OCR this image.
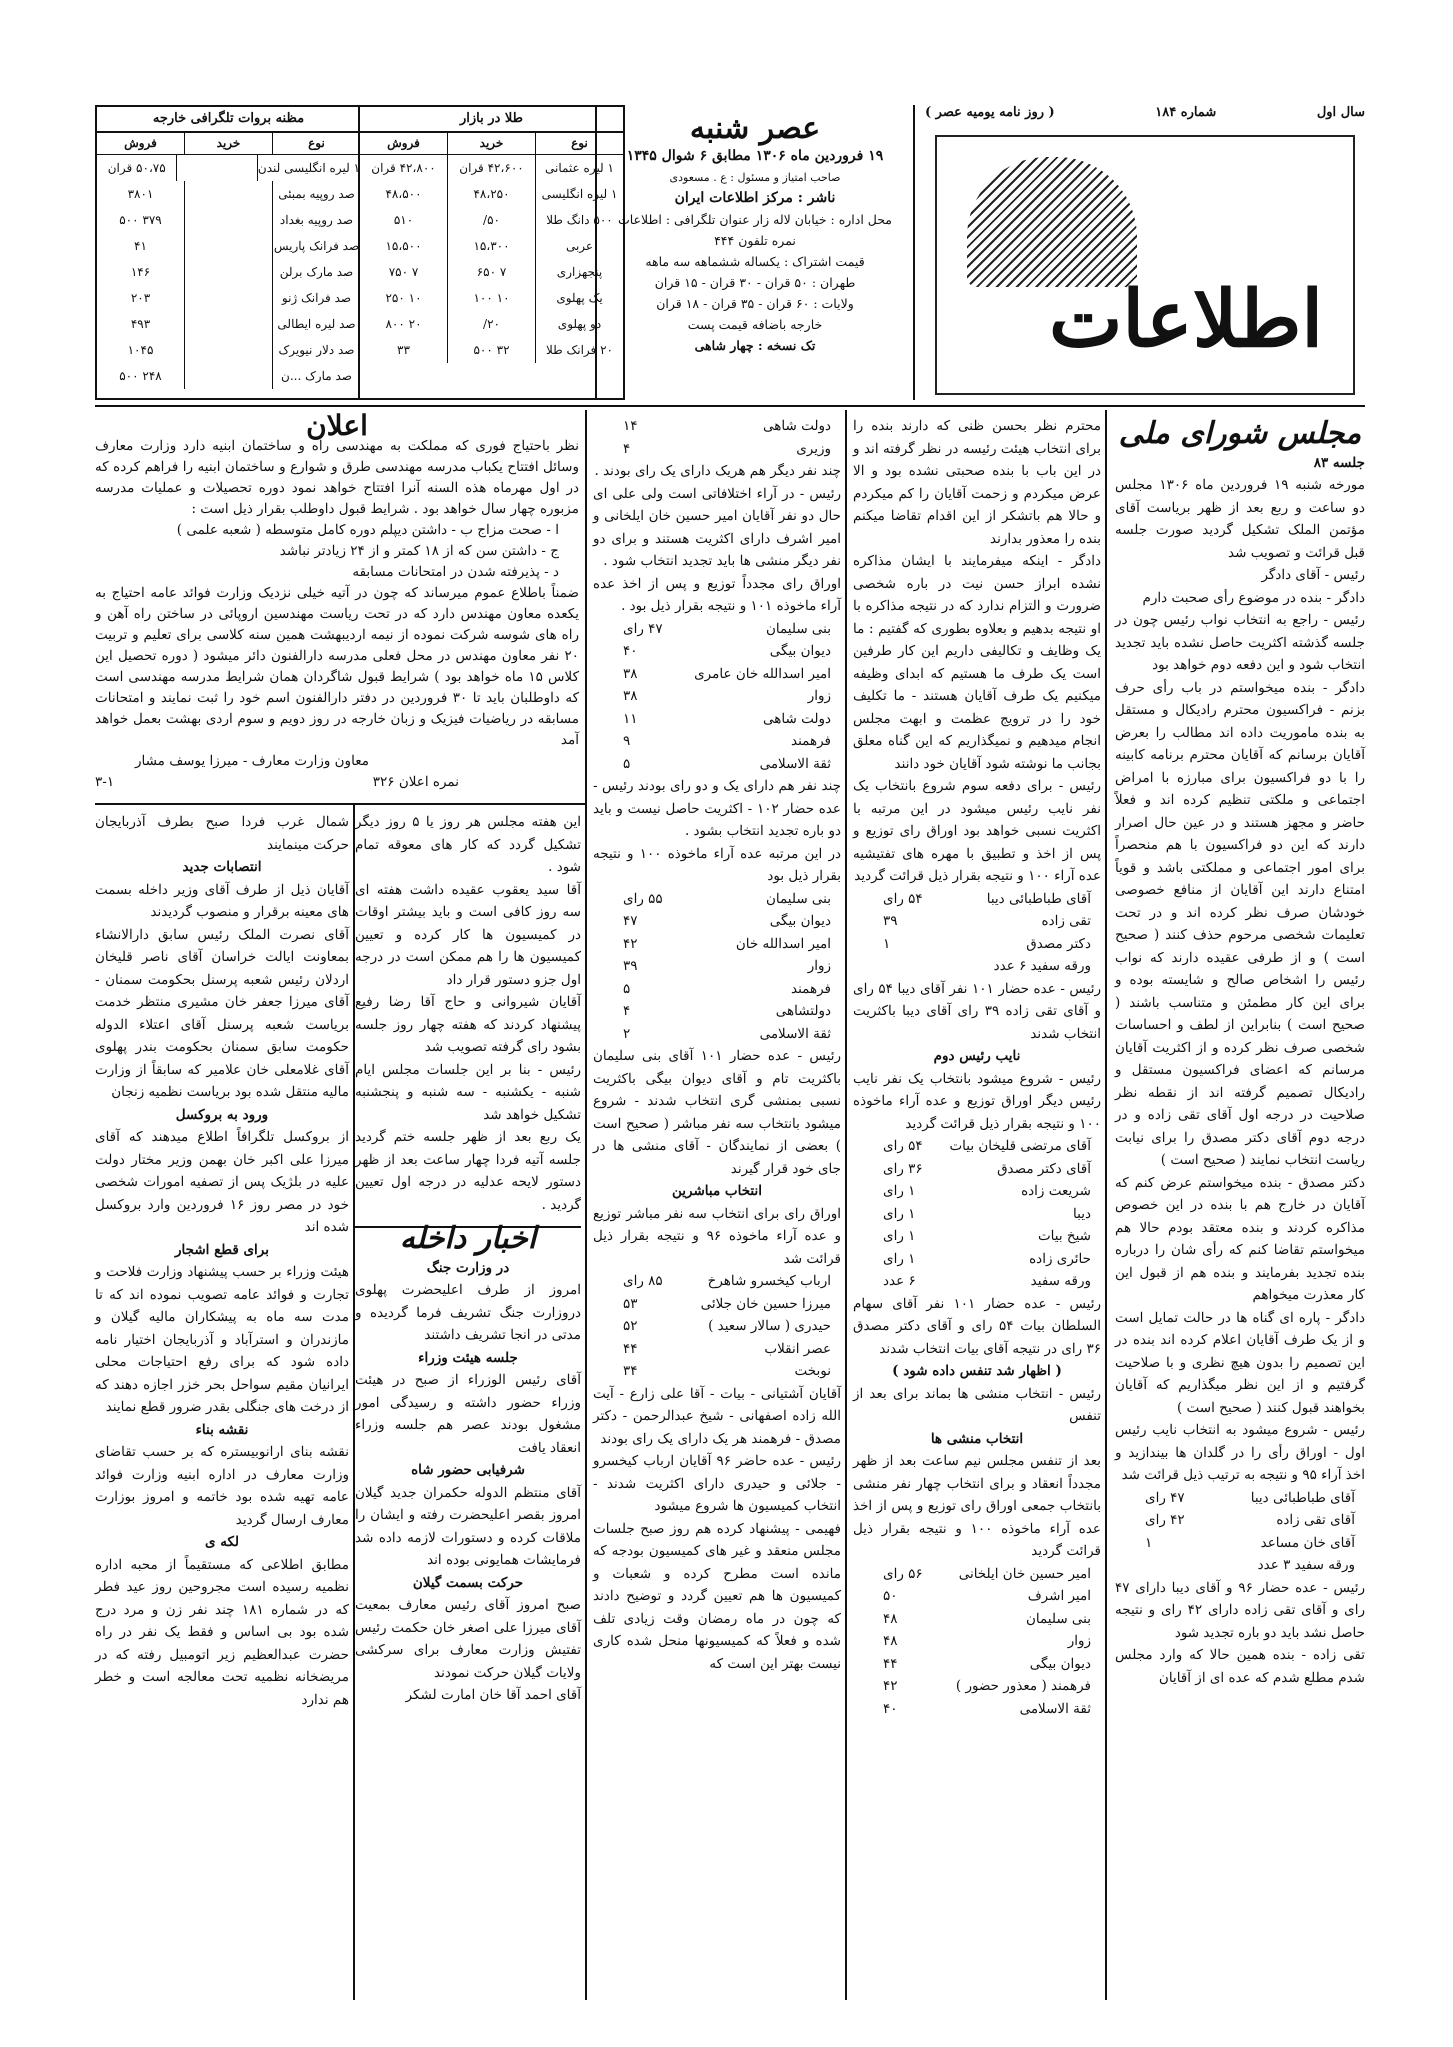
سال اول
شماره ۱۸۴
( روز نامه یومیه عصر )
اطلاعات
عصر شنبه
۱۹ فروردین ماه ۱۳۰۶ مطابق ۶ شوال ۱۳۴۵
صاحب امتیاز و مسئول : ع . مسعودی
ناشر : مرکز اطلاعات ایران
محل اداره : خیابان لاله زار عنوان تلگرافی : اطلاعات
نمره تلفون ۴۴۴
قیمت اشتراک : یکساله ششماهه سه ماهه
طهران : ۵۰ قران - ۳۰ قران - ۱۵ قران
ولایات : ۶۰ قران - ۳۵ قران - ۱۸ قران
خارجه باضافه قیمت پست
تک نسخه : چهار شاهی
طلا در بازار
نوع
خرید
فروش
۱ لیره عثمانی
۴۲،۶۰۰ قران
۴۲،۸۰۰ قران
۱ لیره انگلیسی
۴۸،۲۵۰
۴۸،۵۰۰
۵۰۰ دانگ طلا
۵۰/
۵۱۰
عربی
۱۵،۳۰۰
۱۵،۵۰۰
پنجهزاری
۷ ۶۵۰
۷ ۷۵۰
یک پهلوی
۱۰ ۱۰۰
۱۰ ۲۵۰
دو پهلوی
۲۰/
۲۰ ۸۰۰
۲۰ فرانک طلا
۳۲ ۵۰۰
۳۳
مظنه بروات تلگرافی خارجه
نوع
خرید
فروش
۱ لیره انگلیسی لندن
۵۰،۷۵ قران
صد روپیه بمبئی
۳۸۰۱
صد روپیه بغداد
۳۷۹ ۵۰۰
صد فرانک پاریس
۴۱
صد مارک برلن
۱۴۶
صد فرانک ژنو
۲۰۳
صد لیره ایطالی
۴۹۳
صد دلار نیویرک
۱۰۴۵
صد مارک ...ن
۲۴۸ ۵۰۰
مجلس شورای ملی

جلسه ۸۳

مورخه شنبه ۱۹ فروردین ماه ۱۳۰۶ مجلس دو ساعت و ربع بعد از ظهر بریاست آقای مؤتمن الملک تشکیل گردید صورت جلسه قبل قرائت و تصویب شد

رئیس - آقای دادگر

دادگر - بنده در موضوع رأی صحبت دارم

رئیس - راجع به انتخاب نواب رئیس چون در جلسه گذشته اکثریت حاصل نشده باید تجدید انتخاب شود و این دفعه دوم خواهد بود

دادگر - بنده میخواستم در باب رأی حرف بزنم - فراکسیون محترم رادیکال و مستقل به بنده ماموریت داده اند مطالب را بعرض آقایان برسانم که آقایان محترم برنامه کابینه را با دو فراکسیون برای مبارزه با امراض اجتماعی و ملکتی تنظیم کرده اند و فعلاً حاضر و مجهز هستند و در عین حال اصرار دارند که این دو فراکسیون با هم منحصراً برای امور اجتماعی و مملکتی باشد و قویاً امتناع دارند این آقایان از منافع خصوصی خودشان صرف نظر کرده اند و در تحت تعلیمات شخصی مرحوم حذف کنند ( صحیح است ) و از طرفی عقیده دارند که نواب رئیس را اشخاص صالح و شایسته بوده و برای این کار مطمئن و متناسب باشند ( صحیح است ) بنابراین از لطف و احساسات شخصی صرف نظر کرده و از اکثریت آقایان مرسانم که اعضای فراکسیون مستقل و رادیکال تصمیم گرفته اند از نقطه نظر صلاحیت در درجه اول آقای تقی زاده و در درجه دوم آقای دکتر مصدق را برای نیابت ریاست انتخاب نمایند ( صحیح است )

دکتر مصدق - بنده میخواستم عرض کنم که آقایان در خارج هم با بنده در این خصوص مذاکره کردند و بنده معتقد بودم حالا هم میخواستم تقاضا کنم که رأی شان را درباره بنده تجدید بفرمایند و بنده هم از قبول این کار معذرت میخواهم

دادگر - پاره ای گناه ها در حالت تمایل است و از یک طرف آقایان اعلام کرده اند بنده در این تصمیم را بدون هیچ نظری و با صلاحیت گرفتیم و از این نظر میگذاریم که آقایان بخواهند قبول کنند ( صحیح است )

رئیس - شروع میشود به انتخاب نایب رئیس اول - اوراق رأی را در گلدان ها بیندازید و اخذ آراء ۹۵ و نتیجه به ترتیب ذیل قرائت شد

آقای طباطبائی دیبا
۴۷ رای
آقای تقی زاده
۴۲ رای
آقای خان مساعد
۱
ورقه سفید ۳ عدد

رئیس - عده حضار ۹۶ و آقای دیبا دارای ۴۷ رای و آقای تقی زاده دارای ۴۲ رای و نتیجه حاصل نشد باید دو باره تجدید شود

تقی زاده - بنده همین حالا که وارد مجلس شدم مطلع شدم که عده ای از آقایان

محترم نظر بحسن ظنی که دارند بنده را برای انتخاب هیئت رئیسه در نظر گرفته اند و در این باب با بنده صحبتی نشده بود و الا عرض میکردم و زحمت آقایان را کم میکردم و حالا هم باتشکر از این اقدام تقاضا میکنم بنده را معذور بدارند

دادگر - اینکه میفرمایند با ایشان مذاکره نشده ابراز حسن نیت در باره شخصی ضرورت و التزام ندارد که در نتیجه مذاکره با او نتیجه بدهیم و بعلاوه بطوری که گفتیم : ما یک وظایف و تکالیفی داریم این کار طرفین است یک طرف ما هستیم که ابدای وظیفه میکنیم یک طرف آقایان هستند - ما تکلیف خود را در ترویج عظمت و ابهت مجلس انجام میدهیم و نمیگذاریم که این گناه معلق بجانب ما نوشته شود آقایان خود دانند

رئیس - برای دفعه سوم شروع بانتخاب یک نفر نایب رئیس میشود در این مرتبه با اکثریت نسبی خواهد بود اوراق رای توزیع و پس از اخذ و تطبیق با مهره های تفتیشیه عده آراء ۱۰۰ و نتیجه بقرار ذیل قرائت گردید

آقای طباطبائی دیبا
۵۴ رای
تقی زاده
۳۹
دکتر مصدق
۱
ورقه سفید ۶ عدد

رئیس - عده حضار ۱۰۱ نفر آقای دیبا ۵۴ رای و آقای تقی زاده ۳۹ رای آقای دیبا باکثریت انتخاب شدند

نایب رئیس دوم

رئیس - شروع میشود بانتخاب یک نفر نایب رئیس دیگر اوراق توزیع و عده آراء ماخوذه ۱۰۰ و نتیجه بقرار ذیل قرائت گردید

آقای مرتضی قلیخان بیات
۵۴ رای
آقای دکتر مصدق
۳۶ رای
شریعت زاده
۱ رای
دیبا
۱ رای
شیخ بیات
۱ رای
حائری زاده
۱ رای
ورقه سفید
۶ عدد

رئیس - عده حضار ۱۰۱ نفر آقای سهام السلطان بیات ۵۴ رای و آقای دکتر مصدق ۳۶ رای در نتیجه آقای بیات انتخاب شدند

( اظهار شد تنفس داده شود )

رئیس - انتخاب منشی ها بماند برای بعد از تنفس

انتخاب منشی ها

بعد از تنفس مجلس نیم ساعت بعد از ظهر مجدداً انعقاد و برای انتخاب چهار نفر منشی بانتخاب جمعی اوراق رای توزیع و پس از اخذ عده آراء ماخوذه ۱۰۰ و نتیجه بقرار ذیل قرائت گردید

امیر حسین خان ایلخانی
۵۶ رای
امیر اشرف
۵۰
بنی سلیمان
۴۸
زوار
۴۸
دیوان بیگی
۴۴
فرهمند ( معذور حضور )
۴۲
ثقة الاسلامی
۴۰
دولت شاهی
۱۴
وزیری
۴

چند نفر دیگر هم هریک دارای یک رای بودند .

رئیس - در آراء اختلافاتی است ولی علی ای حال دو نفر آقایان امیر حسین خان ایلخانی و امیر اشرف دارای اکثریت هستند و برای دو نفر دیگر منشی ها باید تجدید انتخاب شود .

اوراق رای مجدداً توزیع و پس از اخذ عده آراء ماخوذه ۱۰۱ و نتیجه بقرار ذیل بود .

بنی سلیمان
۴۷ رای
دیوان بیگی
۴۰
امیر اسدالله خان عامری
۳۸
زوار
۳۸
دولت شاهی
۱۱
فرهمند
۹
ثقة الاسلامی
۵

چند نفر هم دارای یک و دو رای بودند رئیس - عده حضار ۱۰۲ - اکثریت حاصل نیست و باید دو باره تجدید انتخاب بشود .

در این مرتبه عده آراء ماخوذه ۱۰۰ و نتیجه بقرار ذیل بود

بنی سلیمان
۵۵ رای
دیوان بیگی
۴۷
امیر اسدالله خان
۴۲
زوار
۳۹
فرهمند
۵
دولتشاهی
۴
ثقة الاسلامی
۲

رئیس - عده حضار ۱۰۱ آقای بنی سلیمان باکثریت تام و آقای دیوان بیگی باکثریت نسبی بمنشی گری انتخاب شدند - شروع میشود بانتخاب سه نفر مباشر ( صحیح است ) بعضی از نمایندگان - آقای منشی ها در جای خود قرار گیرند

انتخاب مباشرین

اوراق رای برای انتخاب سه نفر مباشر توزیع و عده آراء ماخوذه ۹۶ و نتیجه بقرار ذیل قرائت شد

ارباب کیخسرو شاهرخ
۸۵ رای
میرزا حسین خان جلائی
۵۳
حیدری ( سالار سعید )
۵۲
عصر انقلاب
۴۴
نوبخت
۳۴

آقایان آشتیانی - بیات - آقا علی زارع - آیت الله زاده اصفهانی - شیخ عبدالرحمن - دکتر مصدق - فرهمند هر یک دارای یک رای بودند

رئیس - عده حاضر ۹۶ آقایان ارباب کیخسرو - جلائی و حیدری دارای اکثریت شدند - انتخاب کمیسیون ها شروع میشود

فهیمی - پیشنهاد کرده هم روز صبح جلسات مجلس منعقد و غیر های کمیسیون بودجه که مانده است مطرح کرده و شعبات و کمیسیون ها هم تعیین گردد و توضیح دادند که چون در ماه رمضان وقت زیادی تلف شده و فعلاً که کمیسیونها منحل شده کاری نیست بهتر این است که

اعلان

نظر باحتیاج فوری که مملکت به مهندسی راه و ساختمان ابنیه دارد وزارت معارف وسائل افتتاح یکباب مدرسه مهندسی طرق و شوارع و ساختمان ابنیه را فراهم کرده که در اول مهرماه هذه السنه آنرا افتتاح خواهد نمود دوره تحصیلات و عملیات مدرسه مزبوره چهار سال خواهد بود . شرایط قبول داوطلب بقرار ذیل است :

ا - صحت مزاج ب - داشتن دیپلم دوره کامل متوسطه ( شعبه علمی )

ج - داشتن سن که از ۱۸ کمتر و از ۲۴ زیادتر نباشد

د - پذیرفته شدن در امتحانات مسابقه

ضمناً باطلاع عموم میرساند که چون در آتیه خیلی نزدیک وزارت فوائد عامه احتیاج به یکعده معاون مهندس دارد که در تحت ریاست مهندسین اروپائی در ساختن راه آهن و راه های شوسه شرکت نموده از نیمه اردیبهشت همین سنه کلاسی برای تعلیم و تربیت ۲۰ نفر معاون مهندس در محل فعلی مدرسه دارالفنون دائر میشود ( دوره تحصیل این کلاس ۱۵ ماه خواهد بود ) شرایط قبول شاگردان همان شرایط مدرسه مهندسی است که داوطلبان باید تا ۳۰ فروردین در دفتر دارالفنون اسم خود را ثبت نمایند و امتحانات مسابقه در ریاضیات فیزیک و زبان خارجه در روز دویم و سوم اردی بهشت بعمل خواهد آمد

معاون وزارت معارف - میرزا یوسف مشار

نمره اعلان ۳۲۶
۳-۱

این هفته مجلس هر روز یا ۵ روز دیگر تشکیل گردد که کار های معوقه تمام شود .

آقا سید یعقوب عقیده داشت هفته ای سه روز کافی است و باید بیشتر اوقات در کمیسیون ها کار کرده و تعیین کمیسیون ها را هم ممکن است در درجه اول جزو دستور قرار داد

آقایان شیروانی و حاج آقا رضا رفیع پیشنهاد کردند که هفته چهار روز جلسه بشود رای گرفته تصویب شد

رئیس - بنا بر این جلسات مجلس ایام شنبه - یکشنبه - سه شنبه و پنجشنبه تشکیل خواهد شد

یک ربع بعد از ظهر جلسه ختم گردید جلسه آتیه فردا چهار ساعت بعد از ظهر دستور لایحه عدلیه در درجه اول تعیین گردید .

اخبار داخله

در وزارت جنگ

امروز از طرف اعلیحضرت پهلوی دروزارت جنگ تشریف فرما گردیده و مدتی در انجا تشریف داشتند

جلسه هیئت وزراء

آقای رئیس الوزراء از صبح در هیئت وزراء حضور داشته و رسیدگی امور مشغول بودند عصر هم جلسه وزراء انعقاد یافت

شرفیابی حضور شاه

آقای منتظم الدوله حکمران جدید گیلان امروز بقصر اعلیحضرت رفته و ایشان را ملاقات کرده و دستورات لازمه داده شد فرمایشات همایونی بوده اند

حرکت بسمت گیلان

صبح امروز آقای رئیس معارف بمعیت آقای میرزا علی اصغر خان حکمت رئیس تفتیش وزارت معارف برای سرکشی ولایات گیلان حرکت نمودند

آقای احمد آقا خان امارت لشکر

شمال غرب فردا صبح بطرف آذربایجان حرکت مینمایند

انتصابات جدید

آقایان ذیل از طرف آقای وزیر داخله بسمت های معینه برقرار و منصوب گردیدند

آقای نصرت الملک رئیس سابق دارالانشاء بمعاونت ایالت خراسان آقای ناصر قلیخان اردلان رئیس شعبه پرسنل بحکومت سمنان - آقای میرزا جعفر خان مشیری منتظر خدمت بریاست شعبه پرسنل آقای اعتلاء الدوله حکومت سابق سمنان بحکومت بندر پهلوی آقای غلامعلی خان علامیر که سابقاً از وزارت مالیه منتقل شده بود بریاست نظمیه زنجان

ورود به بروکسل

از بروکسل تلگرافاً اطلاع میدهند که آقای میرزا علی اکبر خان بهمن وزیر مختار دولت علیه در بلژیک پس از تصفیه امورات شخصی خود در مصر روز ۱۶ فروردین وارد بروکسل شده اند

برای قطع اشجار

هیئت وزراء بر حسب پیشنهاد وزارت فلاحت و تجارت و فوائد عامه تصویب نموده اند که تا مدت سه ماه به پیشکاران مالیه گیلان و مازندران و استرآباد و آذربایجان اختیار نامه داده شود که برای رفع احتیاجات محلی ایرانیان مقیم سواحل بحر خزر اجازه دهند که از درخت های جنگلی بقدر ضرور قطع نمایند

نقشه بناء

نقشه بنای ارانوبیستره که بر حسب تقاضای وزارت معارف در اداره ابنیه وزارت فوائد عامه تهیه شده بود خاتمه و امروز بوزارت معارف ارسال گردید

لکه ی

مطابق اطلاعی که مستقیماً از محبه اداره نظمیه رسیده است مجروحین روز عید فطر که در شماره ۱۸۱ چند نفر زن و مرد درج شده بود بی اساس و فقط یک نفر در راه حضرت عبدالعظیم زیر اتومبیل رفته که در مریضخانه نظمیه تحت معالجه است و خطر هم ندارد
